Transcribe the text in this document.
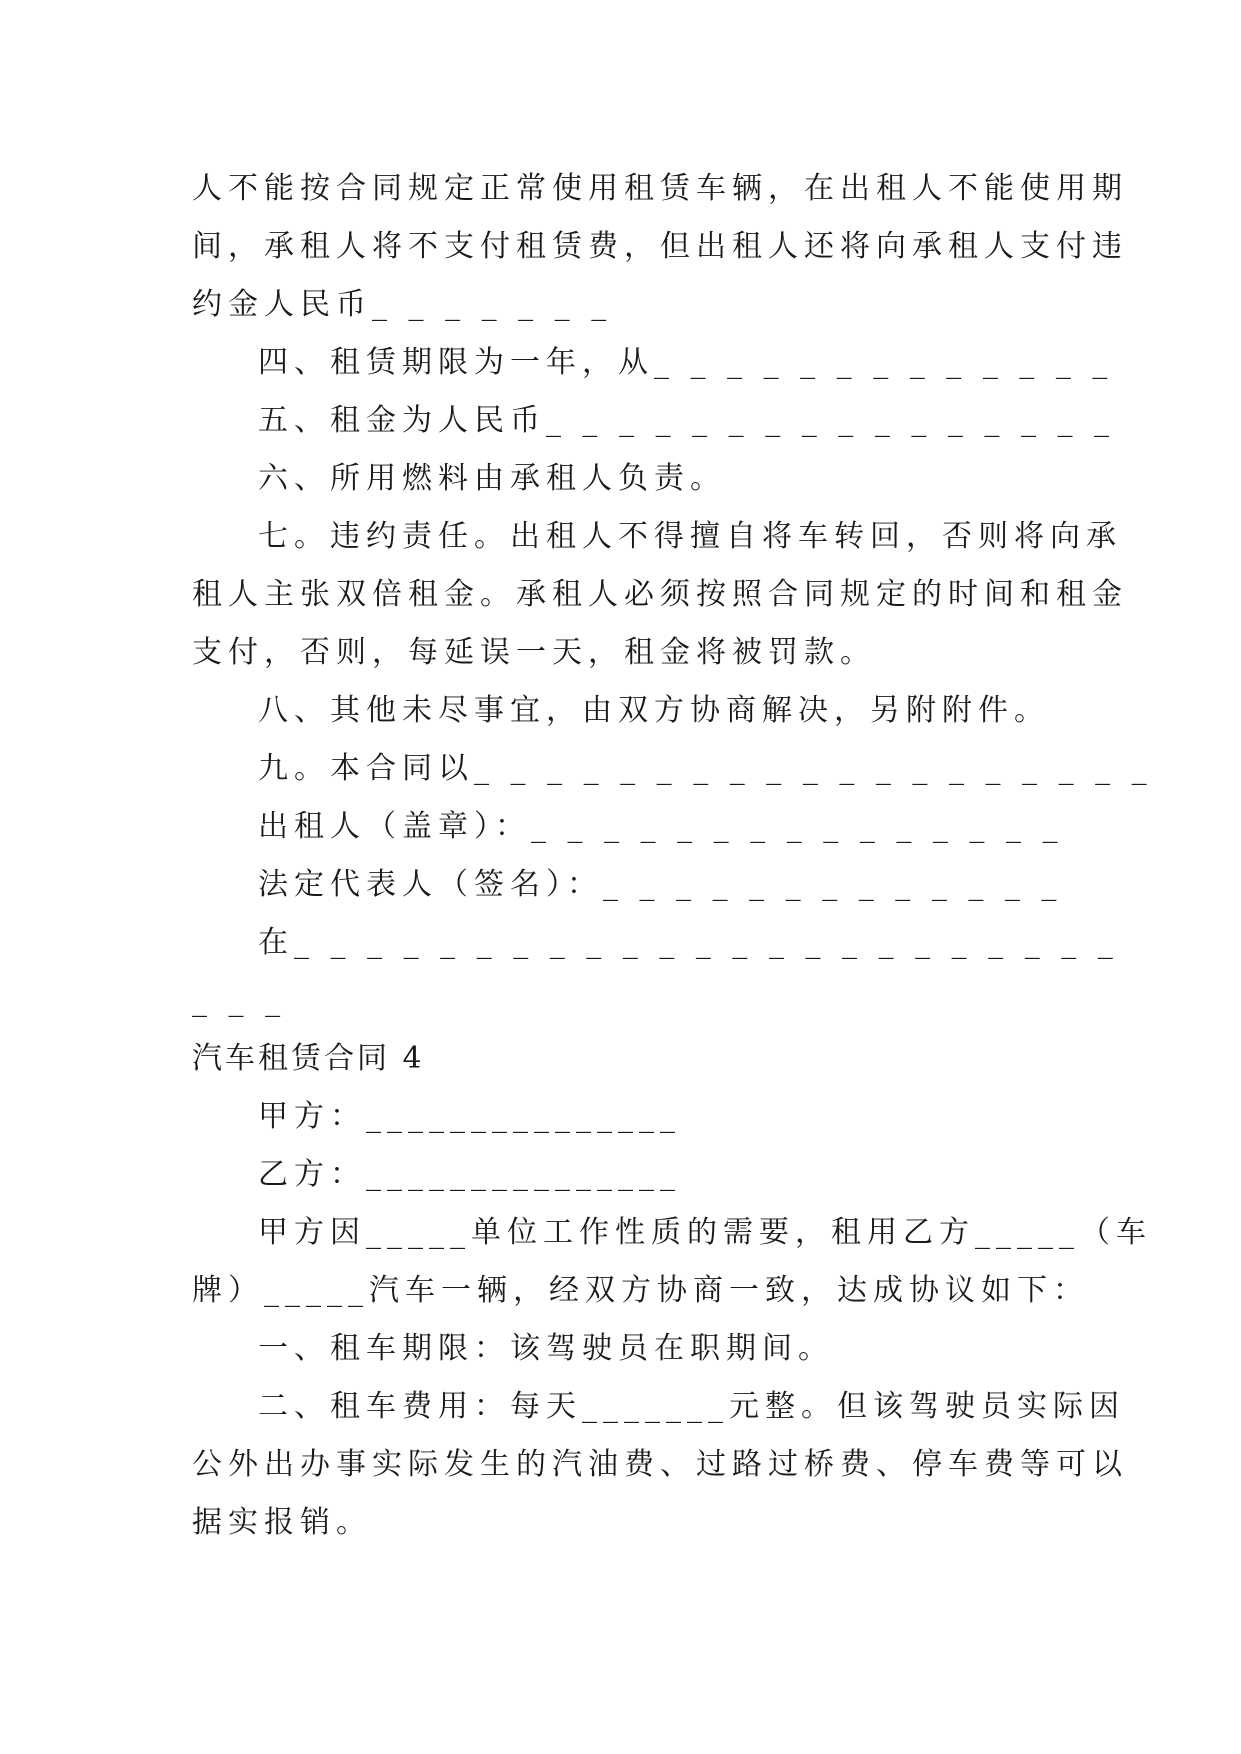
人不能按合同规定正常使用租赁车辆，在出租人不能使用期
间，承租人将不支付租赁费，但出租人还将向承租人支付违
约金人民币_ _ _ _ _ _ _
四、租赁期限为一年，从_ _ _ _ _ _ _ _ _ _ _ _ _
五、租金为人民币_ _ _ _ _ _ _ _ _ _ _ _ _ _ _ _
六、所用燃料由承租人负责。
七。违约责任。出租人不得擅自将车转回，否则将向承
租人主张双倍租金。承租人必须按照合同规定的时间和租金
支付，否则，每延误一天，租金将被罚款。
八、其他未尽事宜，由双方协商解决，另附附件。
九。本合同以_ _ _ _ _ _ _ _ _ _ _ _ _ _ _ _ _ _ _
出租人（盖章）：_ _ _ _ _ _ _ _ _ _ _ _ _ _ _
法定代表人（签名）：_ _ _ _ _ _ _ _ _ _ _ _ _
在_ _ _ _ _ _ _ _ _ _ _ _ _ _ _ _ _ _ _ _ _ _ _
_ _ _
汽车租赁合同 4
甲方：_______________
乙方：_______________
甲方因_____单位工作性质的需要，租用乙方_____（车
牌）_____汽车一辆，经双方协商一致，达成协议如下：
一、租车期限：该驾驶员在职期间。
二、租车费用：每天_______元整。但该驾驶员实际因
公外出办事实际发生的汽油费、过路过桥费、停车费等可以
据实报销。
